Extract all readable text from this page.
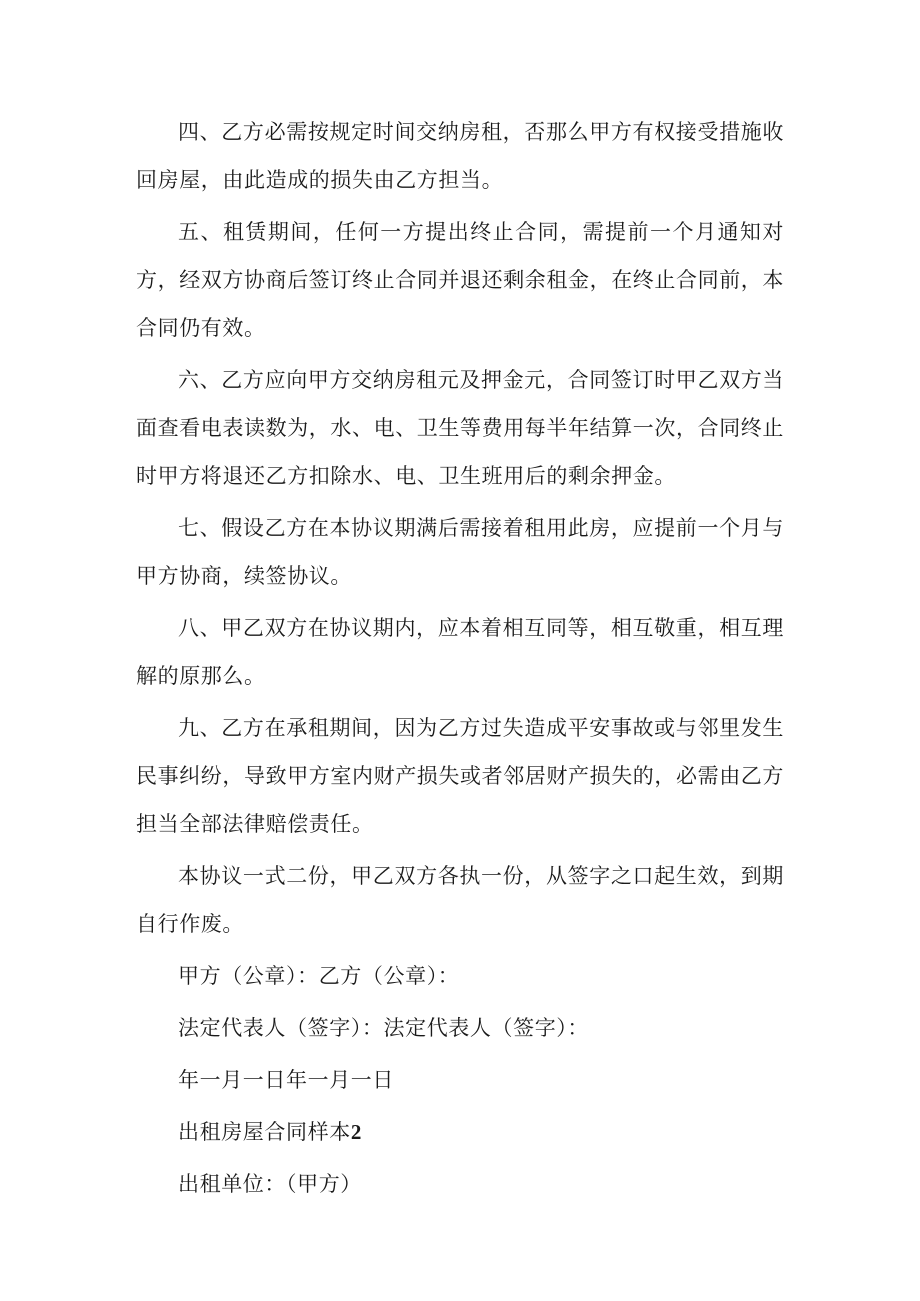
四、乙方必需按规定时间交纳房租，否那么甲方有权接受措施收回房屋，由此造成的损失由乙方担当。

五、租赁期间，任何一方提出终止合同，需提前一个月通知对方，经双方协商后签订终止合同并退还剩余租金，在终止合同前，本合同仍有效。

六、乙方应向甲方交纳房租元及押金元，合同签订时甲乙双方当面查看电表读数为，水、电、卫生等费用每半年结算一次，合同终止时甲方将退还乙方扣除水、电、卫生班用后的剩余押金。

七、假设乙方在本协议期满后需接着租用此房，应提前一个月与甲方协商，续签协议。

八、甲乙双方在协议期内，应本着相互同等，相互敬重，相互理解的原那么。

九、乙方在承租期间，因为乙方过失造成平安事故或与邻里发生民事纠纷，导致甲方室内财产损失或者邻居财产损失的，必需由乙方担当全部法律赔偿责任。

本协议一式二份，甲乙双方各执一份，从签字之口起生效，到期自行作废。

甲方（公章）：乙方（公章）：

法定代表人（签字）：法定代表人（签字）：

年一月一日年一月一日

出租房屋合同样本2

出租单位：（甲方）
